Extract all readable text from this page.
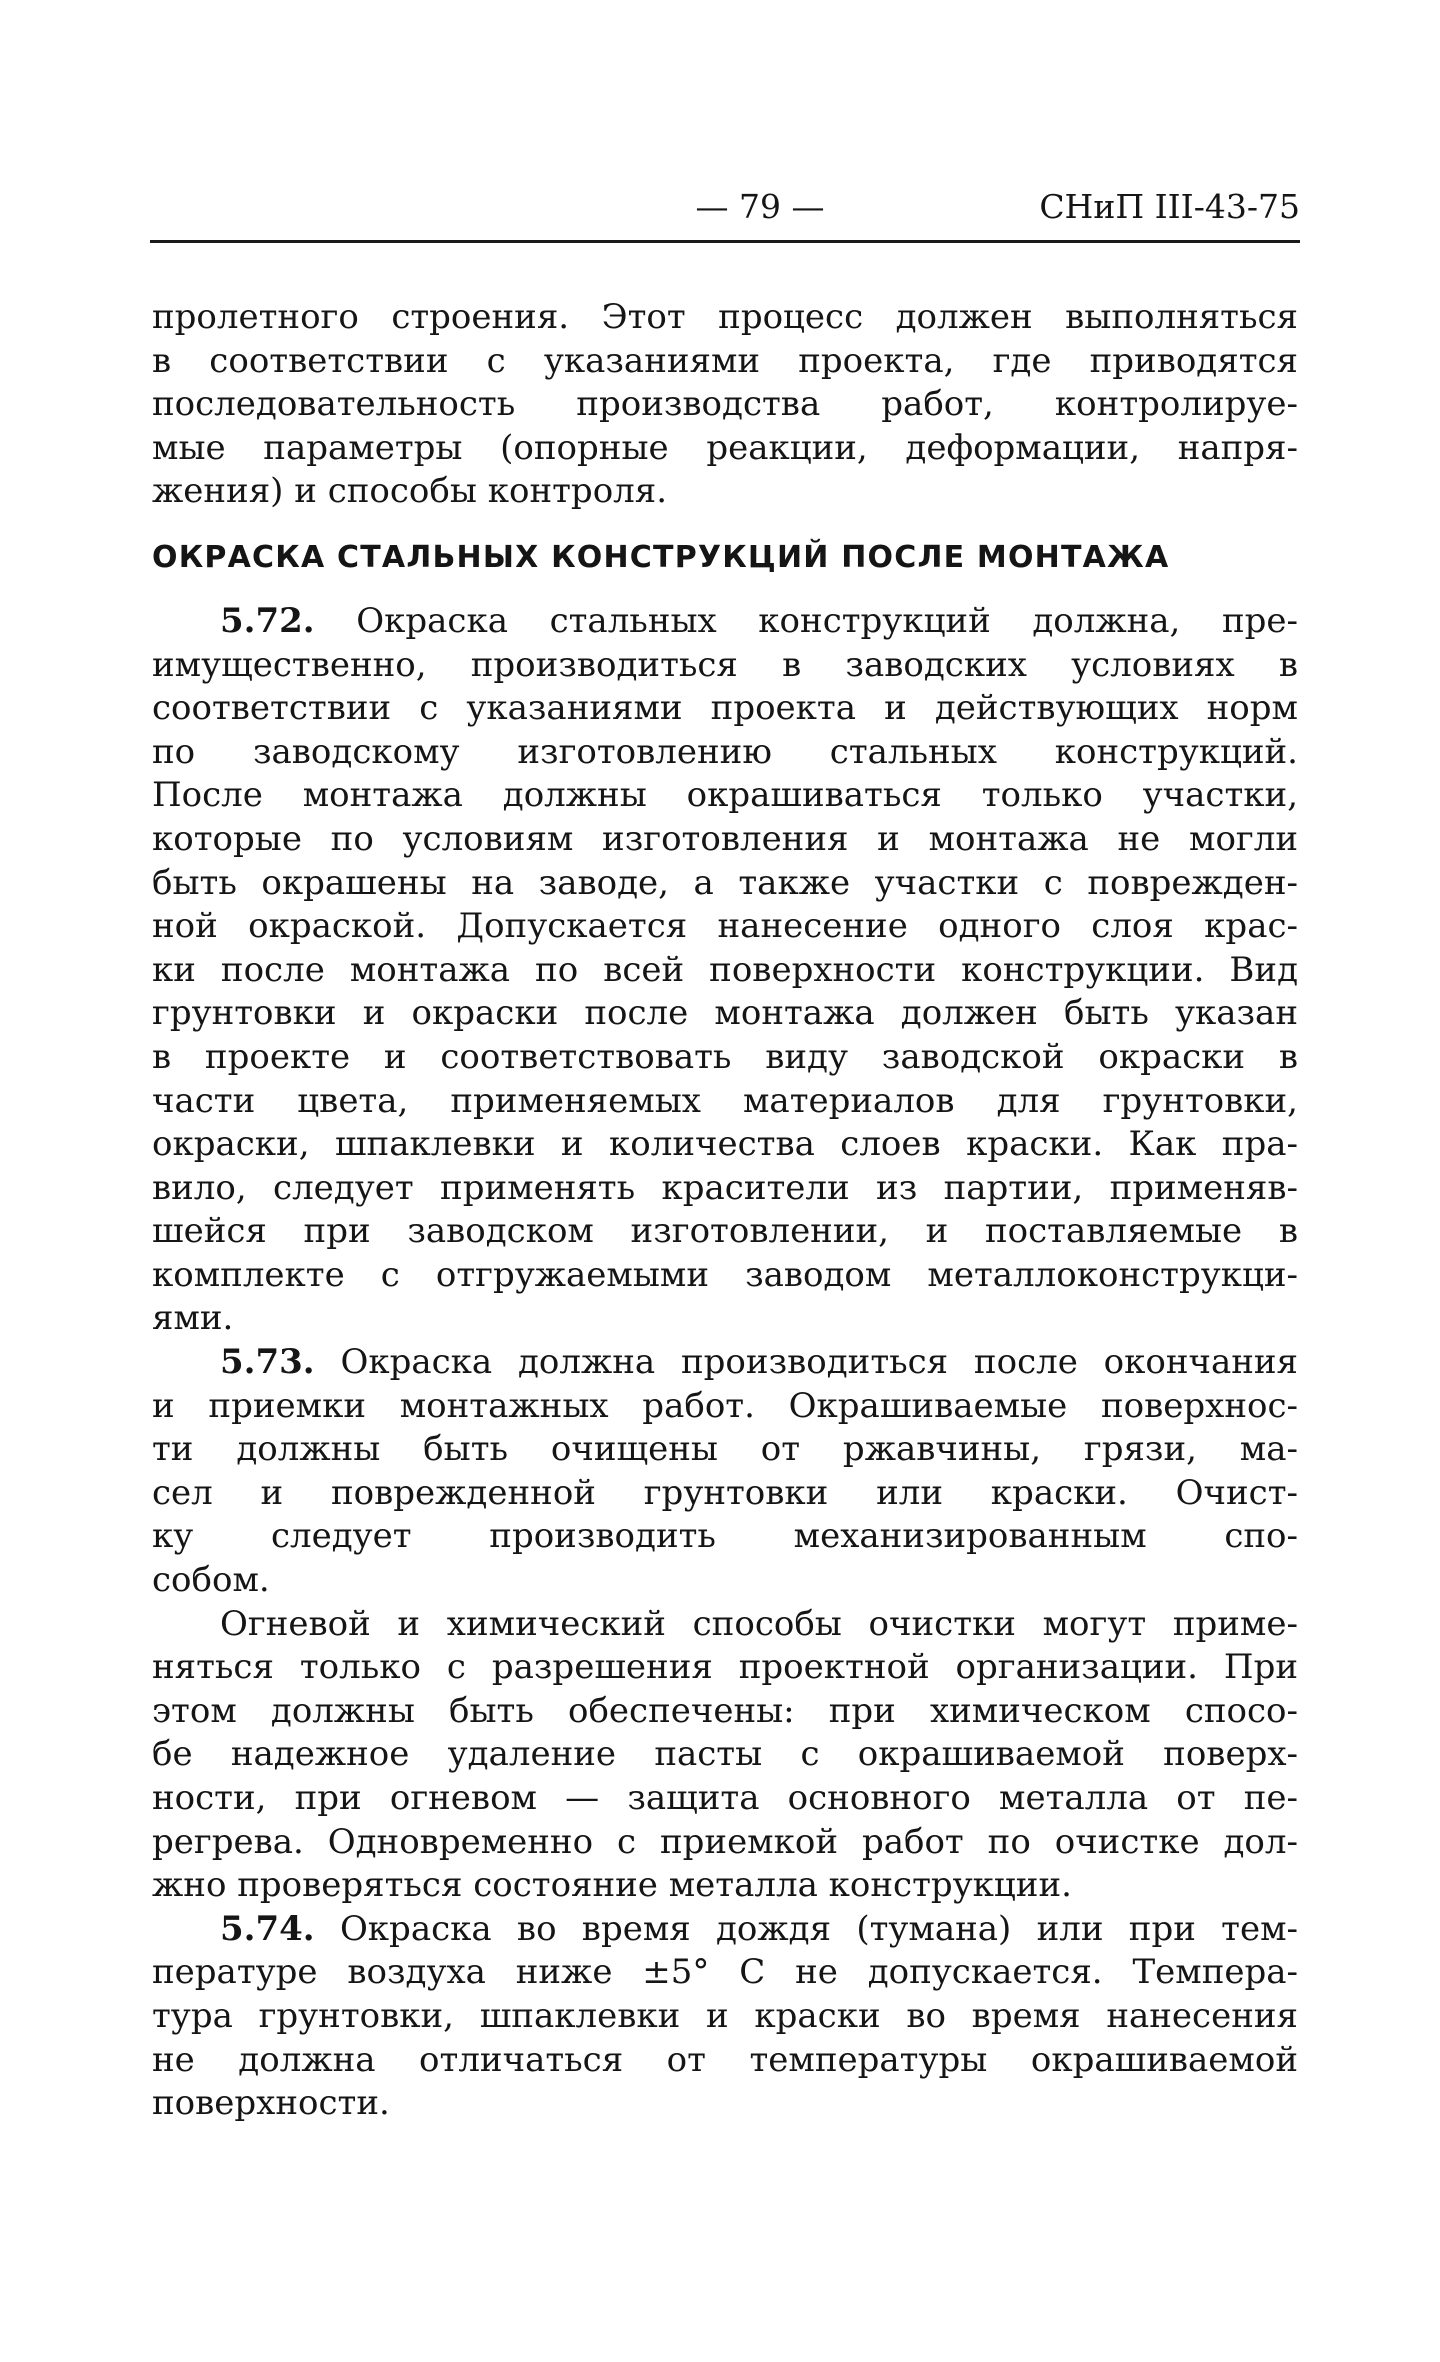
— 79 —	СНиП III-43-75
пролетного строения. Этот процесс должен выполняться
в соответствии с указаниями проекта, где приводятся
последовательность производства работ, контролируе-
мые параметры (опорные реакции, деформации, напря-
жения) и способы контроля.
ОКРАСКА СТАЛЬНЫХ КОНСТРУКЦИЙ ПОСЛЕ МОНТАЖА
5.72. Окраска стальных конструкций должна, пре-
имущественно, производиться в заводских условиях в
соответствии с указаниями проекта и действующих норм
по заводскому изготовлению стальных конструкций.
После монтажа должны окрашиваться только участки,
которые по условиям изготовления и монтажа не могли
быть окрашены на заводе, а также участки с поврежден-
ной окраской. Допускается нанесение одного слоя крас-
ки после монтажа по всей поверхности конструкции. Вид
грунтовки и окраски после монтажа должен быть указан
в проекте и соответствовать виду заводской окраски в
части цвета, применяемых материалов для грунтовки,
окраски, шпаклевки и количества слоев краски. Как пра-
вило, следует применять красители из партии, применяв-
шейся при заводском изготовлении, и поставляемые в
комплекте с отгружаемыми заводом металлоконструкци-
ями.
5.73. Окраска должна производиться после окончания
и приемки монтажных работ. Окрашиваемые поверхнос-
ти должны быть очищены от ржавчины, грязи, ма-
сел и поврежденной грунтовки или краски. Очист-
ку следует производить механизированным спо-
собом.
Огневой и химический способы очистки могут приме-
няться только с разрешения проектной организации. При
этом должны быть обеспечены: при химическом спосо-
бе надежное удаление пасты с окрашиваемой поверх-
ности, при огневом — защита основного металла от пе-
регрева. Одновременно с приемкой работ по очистке дол-
жно проверяться состояние металла конструкции.
5.74. Окраска во время дождя (тумана) или при тем-
пературе воздуха ниже ±5° С не допускается. Темпера-
тура грунтовки, шпаклевки и краски во время нанесения
не должна отличаться от температуры окрашиваемой
поверхности.
